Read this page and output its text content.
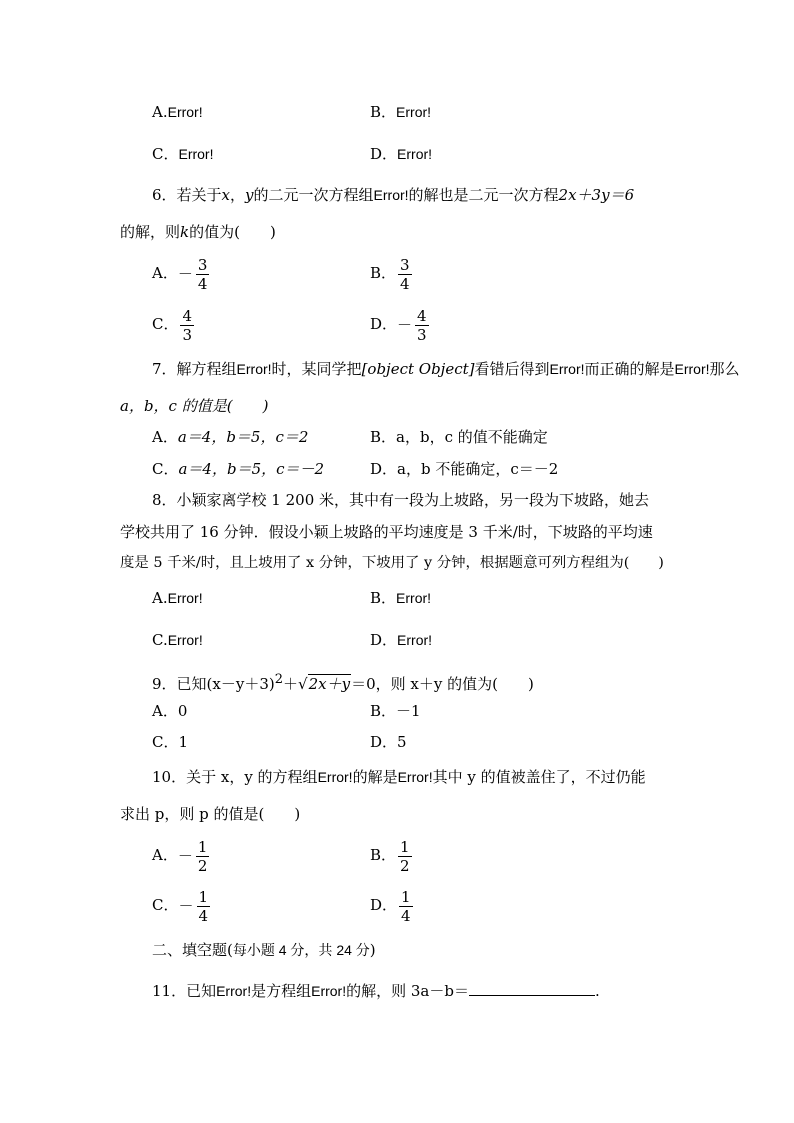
A.Error!	B．Error!
C．Error!	D．Error!
6．若关于x，y的二元一次方程组Error!的解也是二元一次方程2x＋3y＝6
的解，则k的值为(　　)
A．－ $\frac{3}{4}$	B． $\frac{3}{4}$
C． $\frac{4}{3}$	D．－ $\frac{4}{3}$
7．解方程组Error!时，某同学把[object Object]看错后得到Error!而正确的解是Error!那么
a，b，c 的值是(　　)
A．a＝4，b＝5，c＝2	B．a，b，c 的值不能确定
C．a＝4，b＝5，c＝－2	D．a，b 不能确定，c＝－2
8．小颖家离学校 1 200 米，其中有一段为上坡路，另一段为下坡路，她去
学校共用了 16 分钟．假设小颖上坡路的平均速度是 3 千米/时，下坡路的平均速
度是 5 千米/时，且上坡用了 x 分钟，下坡用了 y 分钟，根据题意可列方程组为(　　)
A.Error!	B．Error!
C.Error!	D．Error!
9．已知$(x-y+3)^2+√2x+y=0$，则 x＋y 的值为(　　)
A．0	B．－1
C．1	D．5
10．关于 x，y 的方程组Error!的解是Error!其中 y 的值被盖住了，不过仍能
求出 p，则 p 的值是(　　)
A．－ $\frac{1}{2}$	B． $\frac{1}{2}$
C．－ $\frac{1}{4}$	D． $\frac{1}{4}$
二、填空题(每小题 4 分，共 24 分)
11．已知Error!是方程组Error!的解，则 3a－b＝	.
